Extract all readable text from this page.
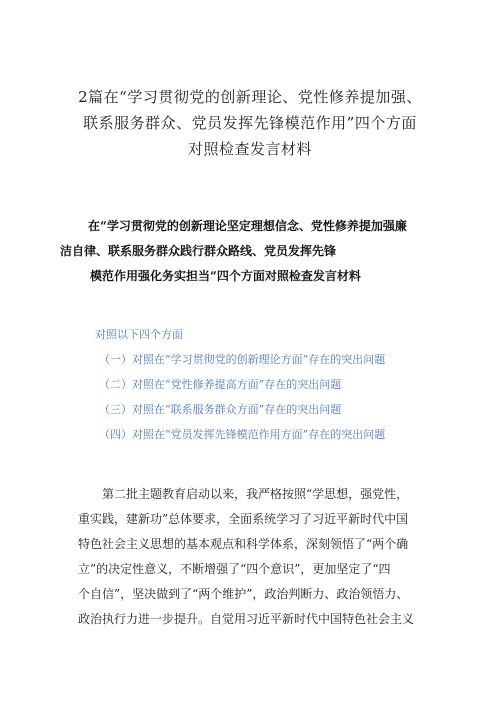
2篇在“学习贯彻党的创新理论、党性修养提加强、
联系服务群众、党员发挥先锋模范作用”四个方面
对照检查发言材料
在“学习贯彻党的创新理论坚定理想信念、党性修养提加强廉
洁自律、联系服务群众践行群众路线、党员发挥先锋
模范作用强化务实担当“四个方面对照检查发言材料
对照以下四个方面
（一）对照在“学习贯彻党的创新理论方面”存在的突出问题
（二）对照在“党性修养提高方面”存在的突出问题
（三）对照在“联系服务群众方面”存在的突出问题
（四）对照在“党员发挥先锋模范作用方面”存在的突出问题
第二批主题教育启动以来，我严格按照“学思想，强党性，
重实践，建新功”总体要求，全面系统学习了习近平新时代中国
特色社会主义思想的基本观点和科学体系，深刻领悟了“两个确
立”的决定性意义，不断增强了“四个意识”，更加坚定了“四
个自信”，坚决做到了“两个维护”，政治判断力、政治领悟力、
政治执行力进一步提升。自觉用习近平新时代中国特色社会主义
